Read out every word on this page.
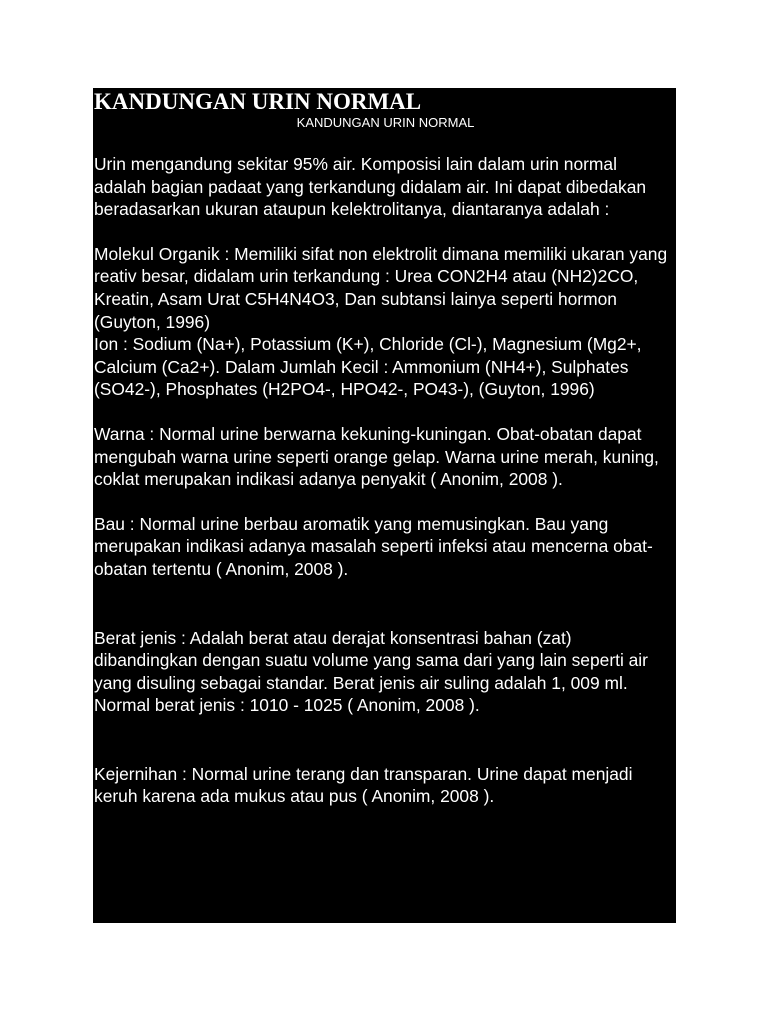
KANDUNGAN URIN NORMAL
KANDUNGAN URIN NORMAL

Urin mengandung sekitar 95% air. Komposisi lain dalam urin normal adalah bagian padaat yang terkandung didalam air. Ini dapat dibedakan beradasarkan ukuran ataupun kelektrolitanya, diantaranya adalah :

Molekul Organik : Memiliki sifat non elektrolit dimana memiliki ukaran yang reativ besar, didalam urin terkandung : Urea CON2H4 atau (NH2)2CO, Kreatin, Asam Urat C5H4N4O3, Dan subtansi lainya seperti hormon (Guyton, 1996)

Ion : Sodium (Na+), Potassium (K+), Chloride (Cl-), Magnesium (Mg2+, Calcium (Ca2+). Dalam Jumlah Kecil : Ammonium (NH4+), Sulphates (SO42-), Phosphates (H2PO4-, HPO42-, PO43-), (Guyton, 1996)

Warna : Normal urine berwarna kekuning-kuningan. Obat-obatan dapat mengubah warna urine seperti orange gelap. Warna urine merah, kuning, coklat merupakan indikasi adanya penyakit ( Anonim, 2008 ).

Bau : Normal urine berbau aromatik yang memusingkan. Bau yang merupakan indikasi adanya masalah seperti infeksi atau mencerna obat-obatan tertentu ( Anonim, 2008 ).

Berat jenis : Adalah berat atau derajat konsentrasi bahan (zat) dibandingkan dengan suatu volume yang sama dari yang lain seperti air yang disuling sebagai standar. Berat jenis air suling adalah 1, 009 ml. Normal berat jenis : 1010 - 1025 ( Anonim, 2008 ).

Kejernihan : Normal urine terang dan transparan. Urine dapat menjadi keruh karena ada mukus atau pus ( Anonim, 2008 ).
